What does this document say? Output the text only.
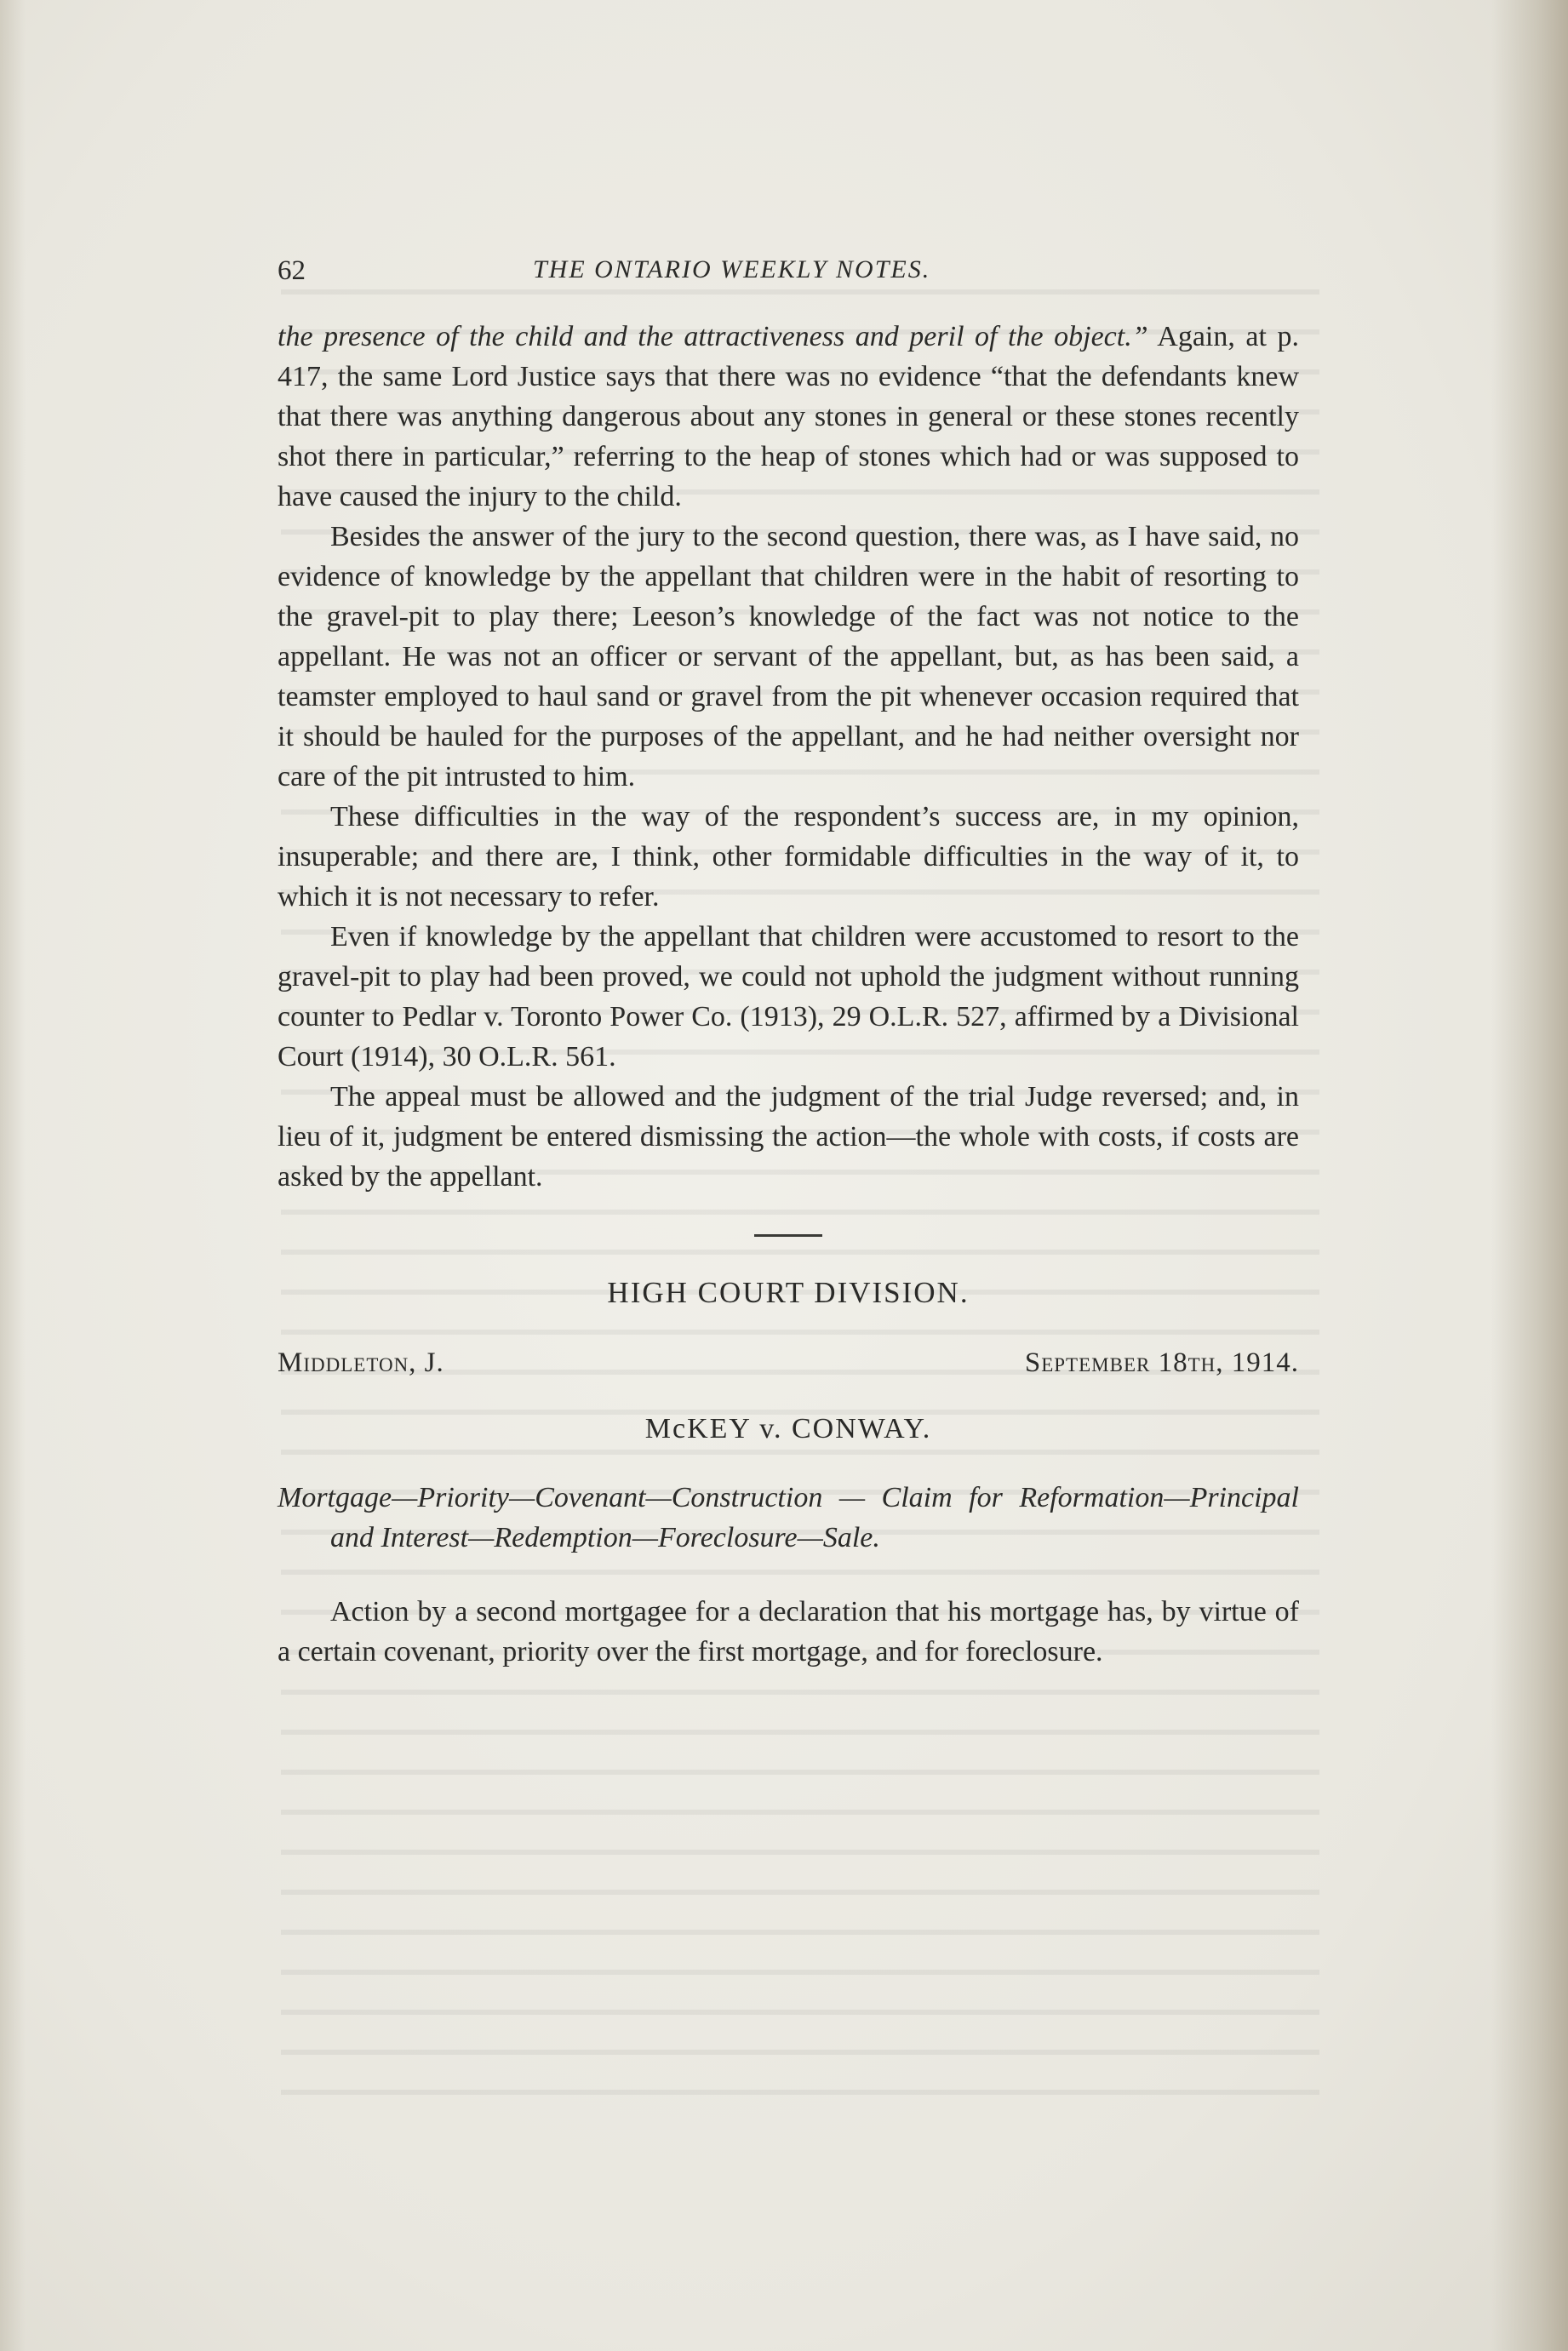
62	THE ONTARIO WEEKLY NOTES.

the presence of the child and the attractiveness and peril of the object.” Again, at p. 417, the same Lord Justice says that there was no evidence “that the defendants knew that there was anything dangerous about any stones in general or these stones recently shot there in particular,” referring to the heap of stones which had or was supposed to have caused the injury to the child.

Besides the answer of the jury to the second question, there was, as I have said, no evidence of knowledge by the appellant that children were in the habit of resorting to the gravel-pit to play there; Leeson’s knowledge of the fact was not notice to the appellant. He was not an officer or servant of the appellant, but, as has been said, a teamster employed to haul sand or gravel from the pit whenever occasion required that it should be hauled for the purposes of the appellant, and he had neither oversight nor care of the pit intrusted to him.

These difficulties in the way of the respondent’s success are, in my opinion, insuperable; and there are, I think, other formidable difficulties in the way of it, to which it is not necessary to refer.

Even if knowledge by the appellant that children were accustomed to resort to the gravel-pit to play had been proved, we could not uphold the judgment without running counter to Pedlar v. Toronto Power Co. (1913), 29 O.L.R. 527, affirmed by a Divisional Court (1914), 30 O.L.R. 561.

The appeal must be allowed and the judgment of the trial Judge reversed; and, in lieu of it, judgment be entered dismissing the action—the whole with costs, if costs are asked by the appellant.

HIGH COURT DIVISION.
Middleton, J.	September 18th, 1914.
McKEY v. CONWAY.
Mortgage—Priority—Covenant—Construction — Claim for Reformation—Principal and Interest—Redemption—Foreclosure—Sale.
Action by a second mortgagee for a declaration that his mortgage has, by virtue of a certain covenant, priority over the first mortgage, and for foreclosure.
